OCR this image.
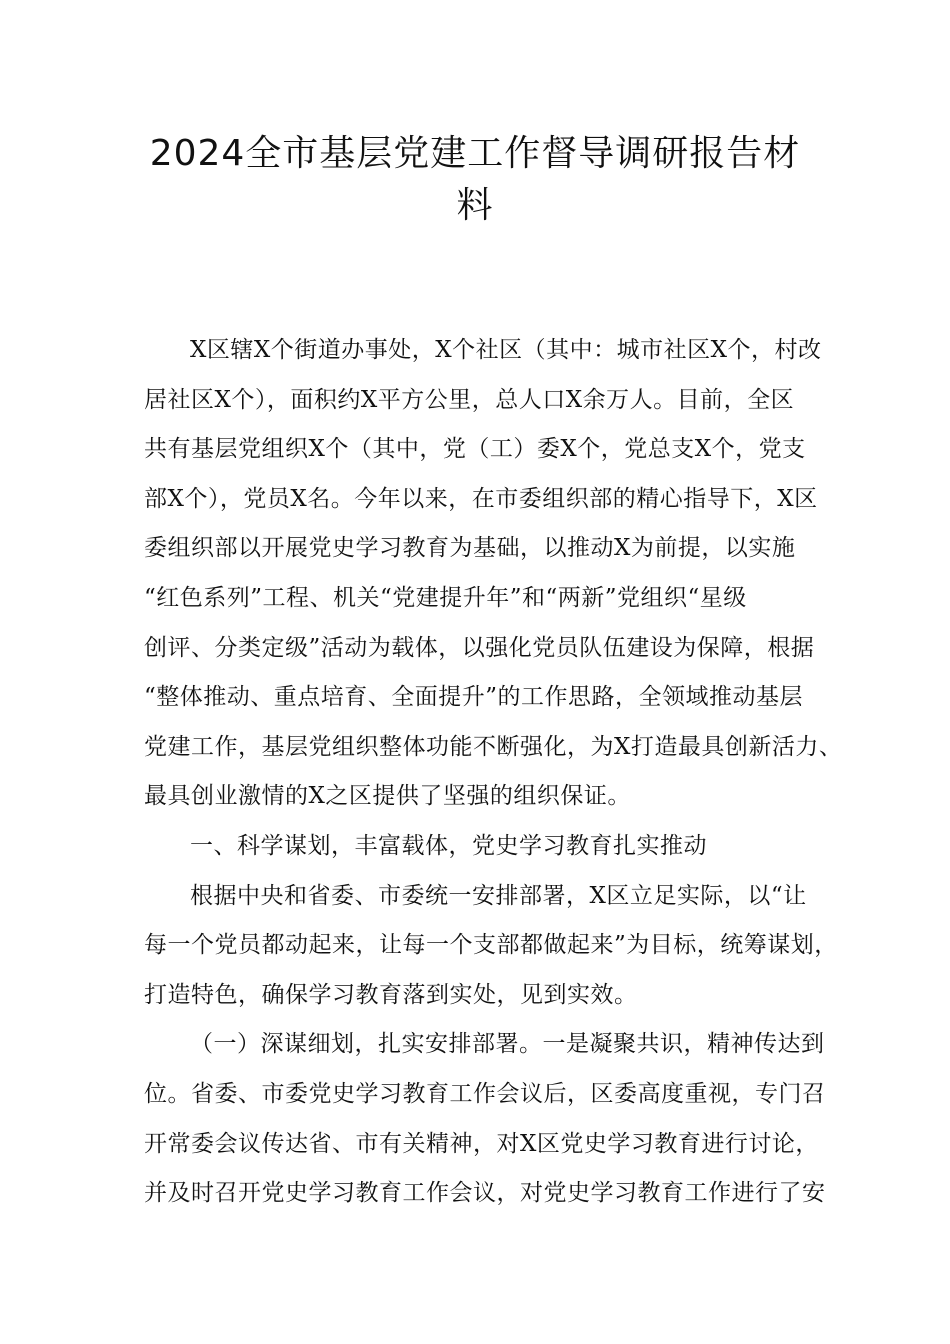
2024全市基层党建工作督导调研报告材
料
X区辖X个街道办事处，X个社区（其中：城市社区X个，村改
居社区X个），面积约X平方公里，总人口X余万人。目前，全区
共有基层党组织X个（其中，党（工）委X个，党总支X个，党支
部X个），党员X名。今年以来，在市委组织部的精心指导下，X区
委组织部以开展党史学习教育为基础，以推动X为前提，以实施
“红色系列”工程、机关“党建提升年”和“两新”党组织“星级
创评、分类定级”活动为载体，以强化党员队伍建设为保障，根据
“整体推动、重点培育、全面提升”的工作思路，全领域推动基层
党建工作，基层党组织整体功能不断强化，为X打造最具创新活力、
最具创业激情的X之区提供了坚强的组织保证。
一、科学谋划，丰富载体，党史学习教育扎实推动
根据中央和省委、市委统一安排部署，X区立足实际，以“让
每一个党员都动起来，让每一个支部都做起来”为目标，统筹谋划，
打造特色，确保学习教育落到实处，见到实效。
（一）深谋细划，扎实安排部署。一是凝聚共识，精神传达到
位。省委、市委党史学习教育工作会议后，区委高度重视，专门召
开常委会议传达省、市有关精神，对X区党史学习教育进行讨论，
并及时召开党史学习教育工作会议，对党史学习教育工作进行了安
